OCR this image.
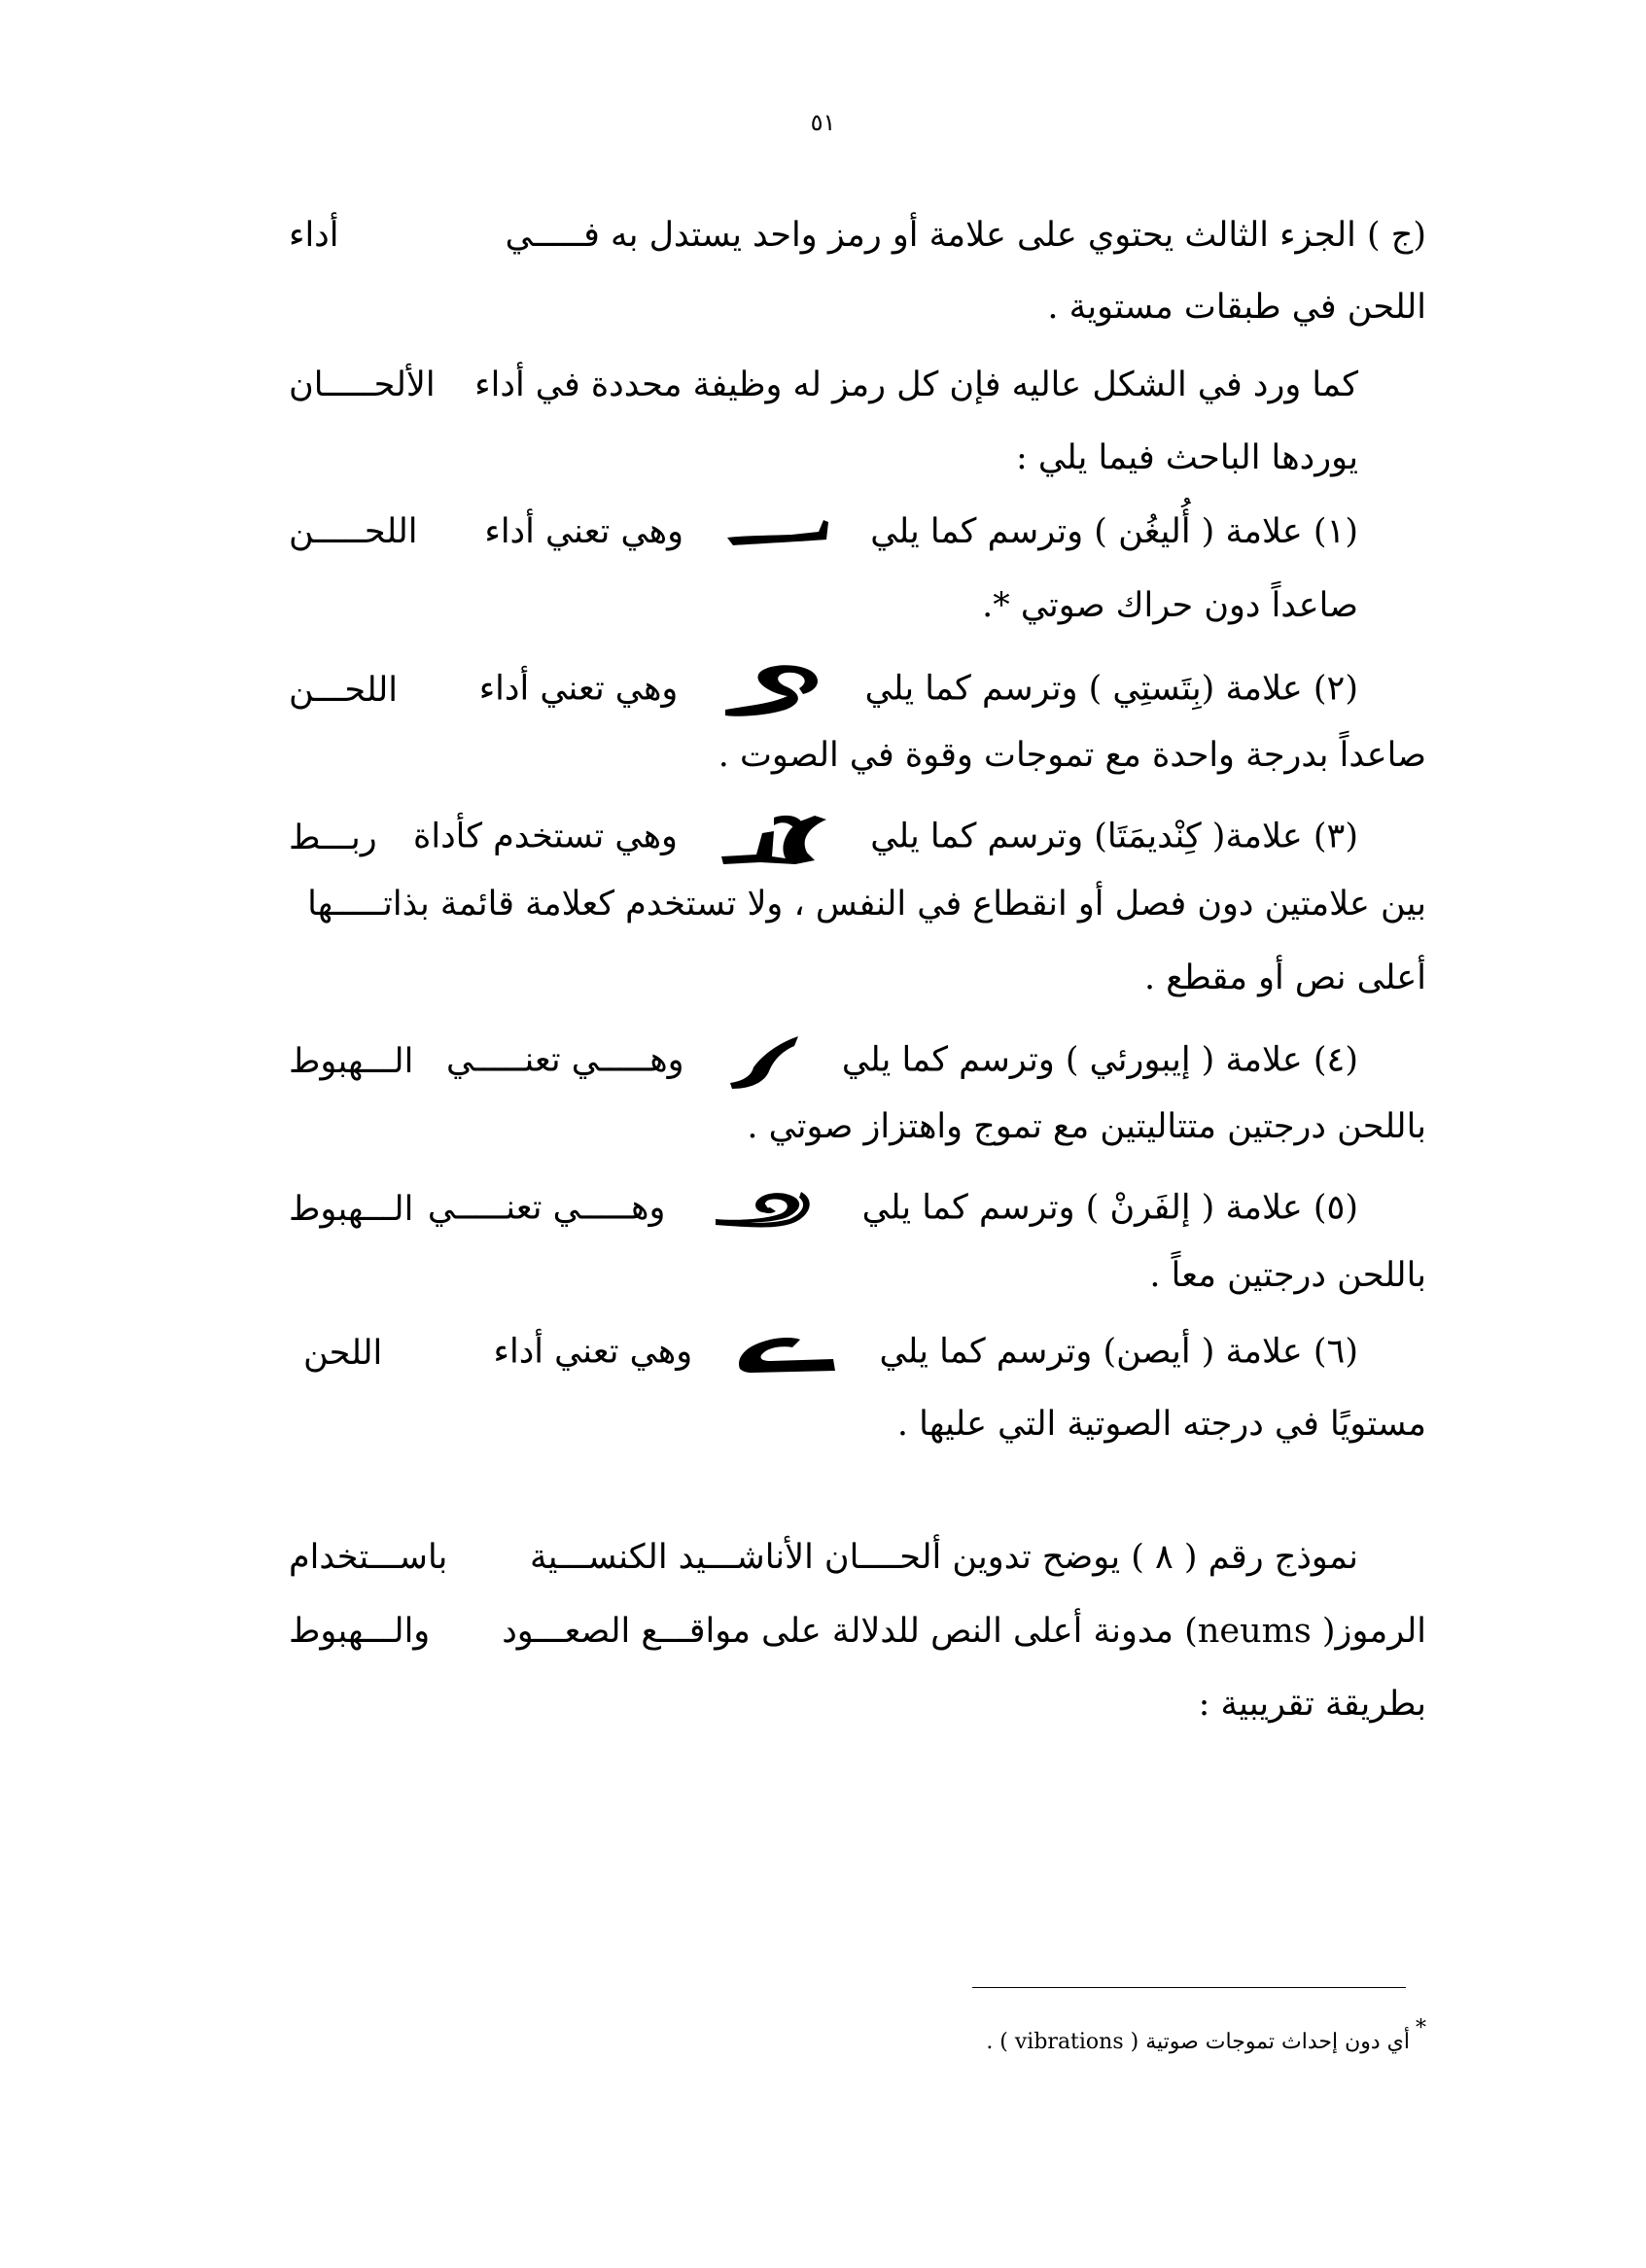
٥١
(ج ) الجزء الثالث يحتوي على علامة أو رمز واحد يستدل به فـــــي
أداء
اللحن في طبقات مستوية .
كما ورد في الشكل عاليه فإن كل رمز له وظيفة محددة في أداء
الألحـــــان
يوردها الباحث فيما يلي :
(١) علامة ( أُليغُن ) وترسم كما يلي
وهي تعني أداء
اللحـــــن
صاعداً دون حراك صوتي *.
(٢) علامة (بِتَستِي ) وترسم كما يلي
وهي تعني أداء
اللحـــن
صاعداً بدرجة واحدة مع تموجات وقوة في الصوت .
(٣) علامة( كِنْديمَتَا) وترسم كما يلي
وهي تستخدم كأداة
ربـــط
بين علامتين دون فصل أو انقطاع في النفس ، ولا تستخدم كعلامة قائمة بذاتـــــها
أعلى نص أو مقطع .
(٤) علامة ( إيبورئي ) وترسم كما يلي
وهـــــي تعنـــــي
الـــهبوط
باللحن درجتين متتاليتين مع تموج واهتزاز صوتي .
(٥) علامة ( إلفَرنْ ) وترسم كما يلي
وهـــــي تعنـــــي
الـــهبوط
باللحن درجتين معاً .
(٦) علامة ( أيصن) وترسم كما يلي
وهي تعني أداء
اللحن
مستويًا في درجته الصوتية التي عليها .
نموذج رقم ( ٨ ) يوضح تدوين ألحــــان الأناشـــيد الكنســـية
باســـتخدام
الرموز( neums) مدونة أعلى النص للدلالة على مواقـــع الصعـــود
والـــهبوط
بطريقة تقريبية :
*أي دون إحداث تموجات صوتية ( vibrations ) .
